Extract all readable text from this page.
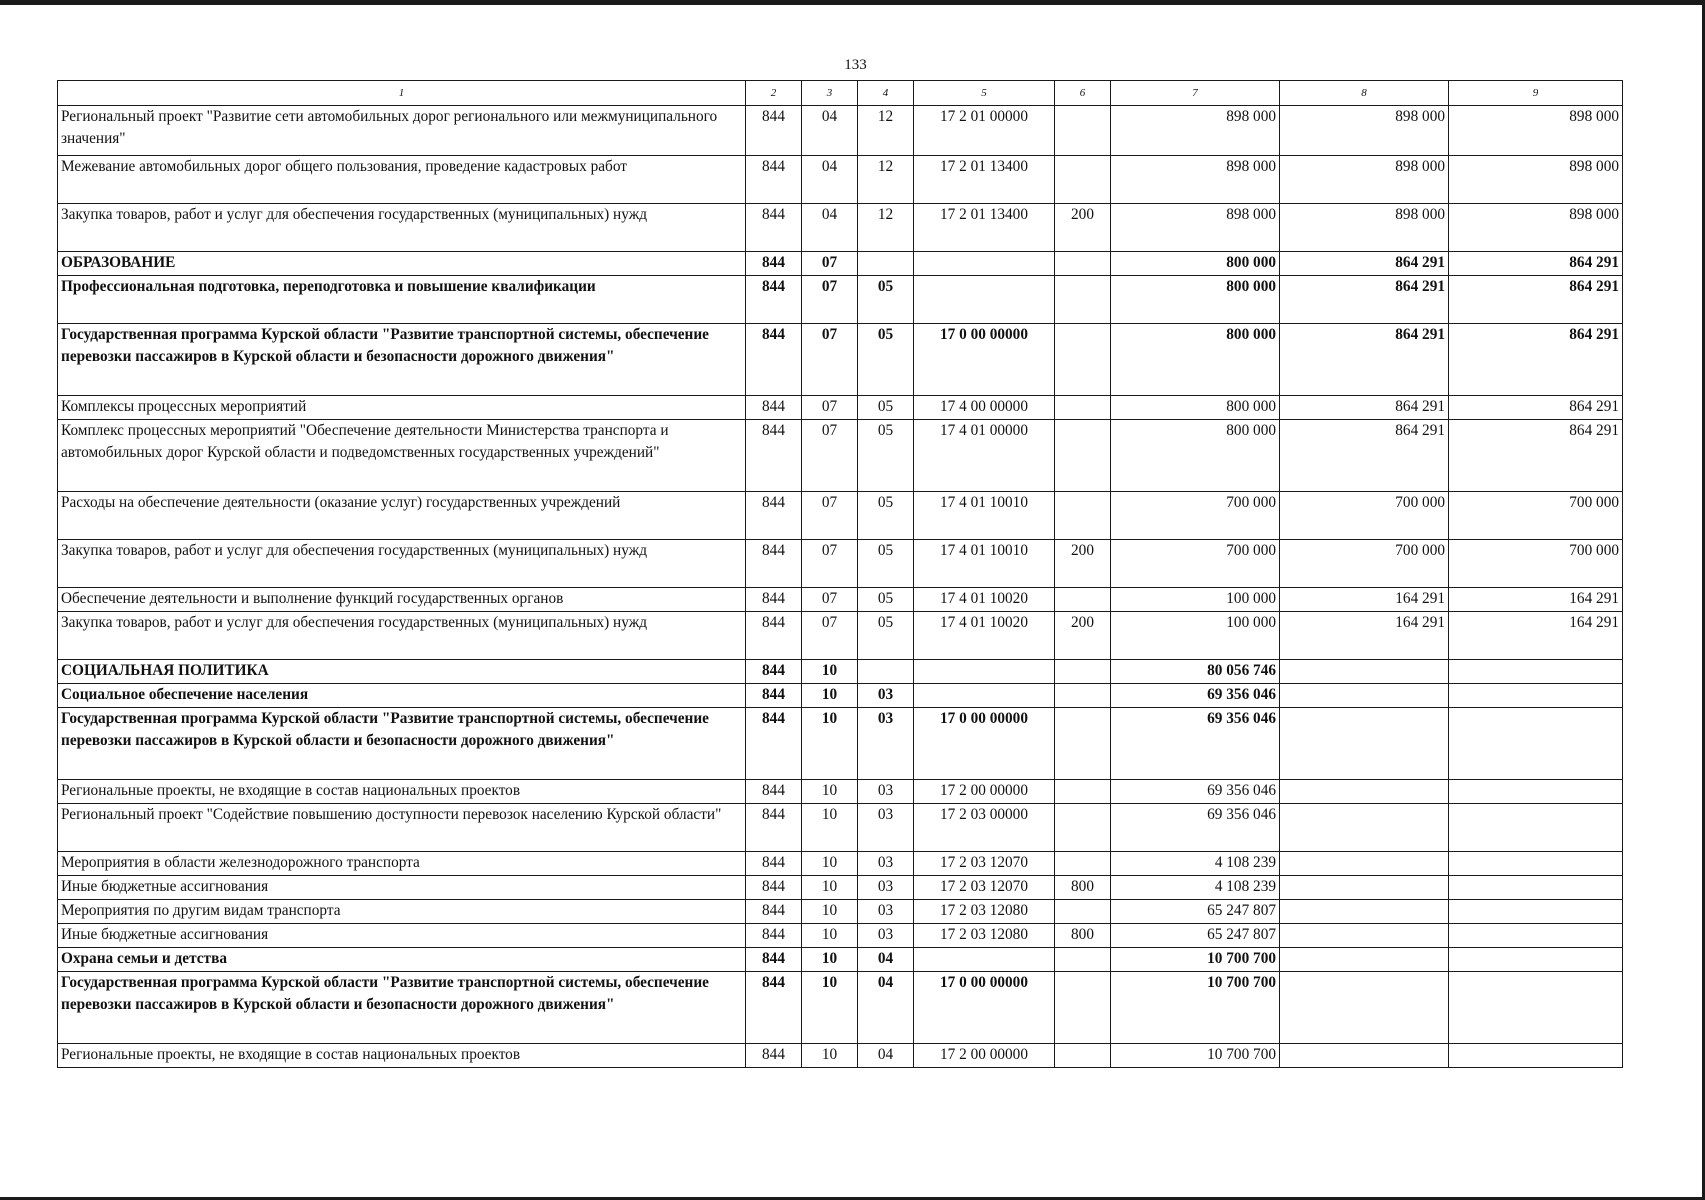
133
1	2	3	4	5	6	7	8	9
Региональный проект "Развитие сети автомобильных дорог регионального или межмуниципального значения"	844	04	12	17 2 01 00000		898 000	898 000	898 000
Межевание автомобильных дорог общего пользования, проведение кадастровых работ	844	04	12	17 2 01 13400		898 000	898 000	898 000
Закупка товаров, работ и услуг для обеспечения государственных (муниципальных) нужд	844	04	12	17 2 01 13400	200	898 000	898 000	898 000
ОБРАЗОВАНИЕ	844	07				800 000	864 291	864 291
Профессиональная подготовка, переподготовка и повышение квалификации	844	07	05			800 000	864 291	864 291
Государственная программа Курской области "Развитие транспортной системы, обеспечение перевозки пассажиров в Курской области и безопасности дорожного движения"	844	07	05	17 0 00 00000		800 000	864 291	864 291
Комплексы процессных мероприятий	844	07	05	17 4 00 00000		800 000	864 291	864 291
Комплекс процессных мероприятий "Обеспечение деятельности Министерства транспорта и автомобильных дорог Курской области и подведомственных государственных учреждений"	844	07	05	17 4 01 00000		800 000	864 291	864 291
Расходы на обеспечение деятельности (оказание услуг) государственных учреждений	844	07	05	17 4 01 10010		700 000	700 000	700 000
Закупка товаров, работ и услуг для обеспечения государственных (муниципальных) нужд	844	07	05	17 4 01 10010	200	700 000	700 000	700 000
Обеспечение деятельности и выполнение функций государственных органов	844	07	05	17 4 01 10020		100 000	164 291	164 291
Закупка товаров, работ и услуг для обеспечения государственных (муниципальных) нужд	844	07	05	17 4 01 10020	200	100 000	164 291	164 291
СОЦИАЛЬНАЯ ПОЛИТИКА	844	10				80 056 746		
Социальное обеспечение населения	844	10	03			69 356 046		
Государственная программа Курской области "Развитие транспортной системы, обеспечение перевозки пассажиров в Курской области и безопасности дорожного движения"	844	10	03	17 0 00 00000		69 356 046		
Региональные проекты, не входящие в состав национальных проектов	844	10	03	17 2 00 00000		69 356 046		
Региональный проект "Содействие повышению доступности перевозок населению Курской области"	844	10	03	17 2 03 00000		69 356 046		
Мероприятия в области железнодорожного транспорта	844	10	03	17 2 03 12070		4 108 239		
Иные бюджетные ассигнования	844	10	03	17 2 03 12070	800	4 108 239		
Мероприятия по другим видам транспорта	844	10	03	17 2 03 12080		65 247 807		
Иные бюджетные ассигнования	844	10	03	17 2 03 12080	800	65 247 807		
Охрана семьи и детства	844	10	04			10 700 700		
Государственная программа Курской области "Развитие транспортной системы, обеспечение перевозки пассажиров в Курской области и безопасности дорожного движения"	844	10	04	17 0 00 00000		10 700 700		
Региональные проекты, не входящие в состав национальных проектов	844	10	04	17 2 00 00000		10 700 700		
